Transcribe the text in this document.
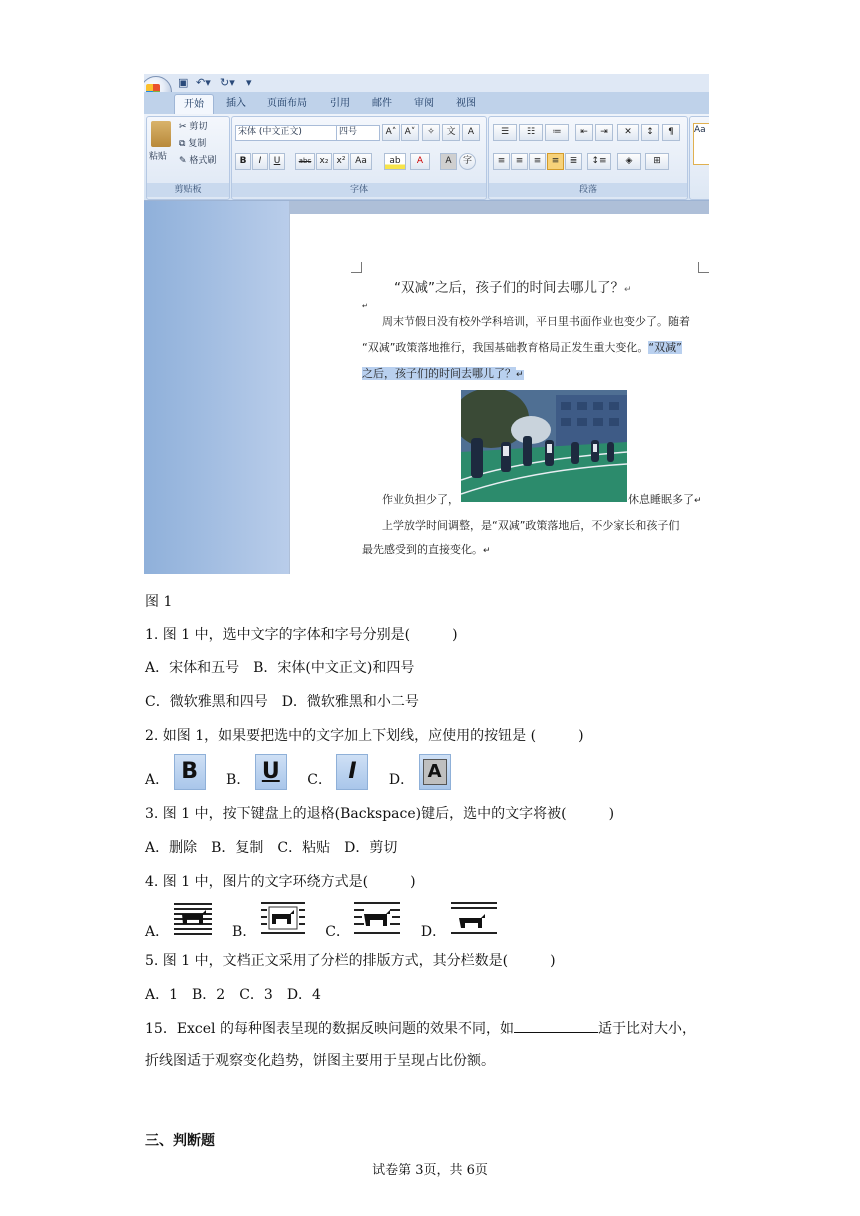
▣ ↶▾ ↻▾ ▾
开始	插入	页面布局	引用	邮件	审阅	视图
粘贴
✂ 剪切
⧉ 复制
✎ 格式刷
剪贴板
宋体 (中文正文)	四号	A˄ A˅	✧	文	A
B	I	U	abc x₂ x²	Aa	ab	A	A	字
字体
☰	☷	≔	⇤	⇥	✕	↕	¶
≡	≡	≡	≡	≣	↕≡	◈	⊞
段落
Aa
“双减”之后，孩子们的时间去哪儿了？↵
↵
周末节假日没有校外学科培训，平日里书面作业也变少了。随着
“双减”政策落地推行，我国基础教育格局正发生重大变化。“双减”
之后，孩子们的时间去哪儿了？↵
作业负担少了，	休息睡眠多了↵
上学放学时间调整，是“双减”政策落地后，不少家长和孩子们
最先感受到的直接变化。↵
图 1
1. 图 1 中，选中文字的字体和字号分别是(　　　)
A．宋体和五号　B．宋体(中文正文)和四号
C．微软雅黑和四号　D．微软雅黑和小二号
2. 如图 1，如果要把选中的文字加上下划线，应使用的按钮是 (　　　)
A． B B． U C． I D． A
3. 图 1 中，按下键盘上的退格(Backspace)键后，选中的文字将被(　　　)
A．删除　B．复制　C．粘贴　D．剪切
4. 图 1 中，图片的文字环绕方式是(　　　)
A．	B．	C．	D．
5. 图 1 中，文档正文采用了分栏的排版方式，其分栏数是(　　　)
A．1　B．2　C．3　D．4
15．Excel 的每种图表呈现的数据反映问题的效果不同，如	适于比对大小，
折线图适于观察变化趋势，饼图主要用于呈现占比份额。
三、判断题
试卷第 3页，共 6页
